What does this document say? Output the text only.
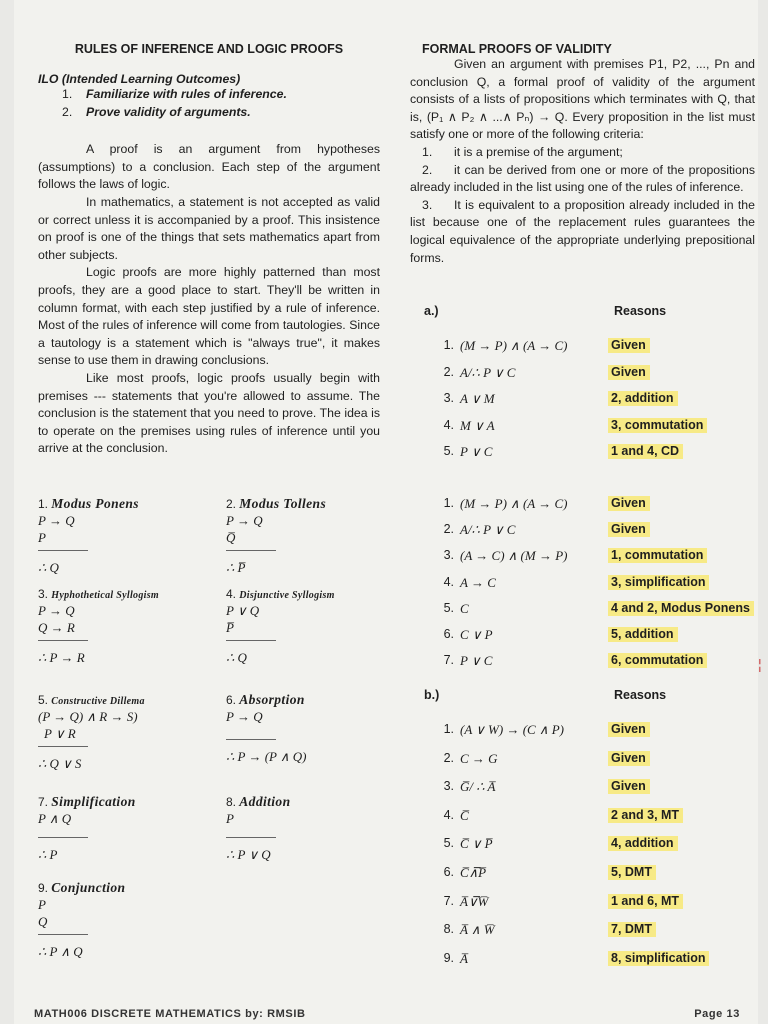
RULES OF INFERENCE AND LOGIC PROOFS
ILO (Intended Learning Outcomes)
1. Familiarize with rules of inference.
2. Prove validity of arguments.

A proof is an argument from hypotheses (assumptions) to a conclusion. Each step of the argument follows the laws of logic.

In mathematics, a statement is not accepted as valid or correct unless it is accompanied by a proof. This insistence on proof is one of the things that sets mathematics apart from other subjects.

Logic proofs are more highly patterned than most proofs, they are a good place to start. They'll be written in column format, with each step justified by a rule of inference. Most of the rules of inference will come from tautologies. Since a tautology is a statement which is "always true", it makes sense to use them in drawing conclusions.

Like most proofs, logic proofs usually begin with premises --- statements that you're allowed to assume. The conclusion is the statement that you need to prove. The idea is to operate on the premises using rules of inference until you arrive at the conclusion.

1. Modus Ponens
P → Q
P
∴ Q
2. Modus Tollens
P → Q
Q̅
∴ P̅
3. Hyphothetical Syllogism
P → Q
Q → R
∴ P → R
4. Disjunctive Syllogism
P ∨ Q
P̅
∴ Q
5. Constructive Dillema
(P → Q) ∧ R → S)
P ∨ R
∴ Q ∨ S
6. Absorption
P → Q
∴ P → (P ∧ Q)
7. Simplification
P ∧ Q
∴ P
8. Addition
P
∴ P ∨ Q
9. Conjunction
P
Q
∴ P ∧ Q
FORMAL PROOFS OF VALIDITY

Given an argument with premises P1, P2, ..., Pn and conclusion Q, a formal proof of validity of the argument consists of a lists of propositions which terminates with Q, that is, (P₁ ∧ P₂ ∧ ...∧ Pₙ) → Q. Every proposition in the list must satisfy one or more of the following criteria:

1. it is a premise of the argument;
2. it can be derived from one or more of the propositions already included in the list using one of the rules of inference.
3. It is equivalent to a proposition already included in the list because one of the replacement rules guarantees the logical equivalence of the appropriate underlying prepositional forms.
a.)	Reasons
1. (M → P) ∧ (A → C)	Given
2. A/∴ P ∨ C	Given
3. A ∨ M	2, addition
4. M ∨ A	3, commutation
5. P ∨ C	1 and 4, CD
1. (M → P) ∧ (A → C)	Given
2. A/∴ P ∨ C	Given
3. (A → C) ∧ (M → P)	1, commutation
4. A → C	3, simplification
5. C	4 and 2, Modus Ponens
6. C ∨ P	5, addition
7. P ∨ C	6, commutation
b.)	Reasons
1. (A ∨ W) → (C ∧ P)	Given
2. C → G	Given
3. G̅/ ∴ A̅	Given
4. C̅	2 and 3, MT
5. C̅ ∨ P̅	4, addition
6. C̅∧̅P̅	5, DMT
7. A̅∨̅W̅	1 and 6, MT
8. A̅ ∧ W̅	7, DMT
9. A̅	8, simplification
¦
MATH006 DISCRETE MATHEMATICS by: RMSIB	Page 13
